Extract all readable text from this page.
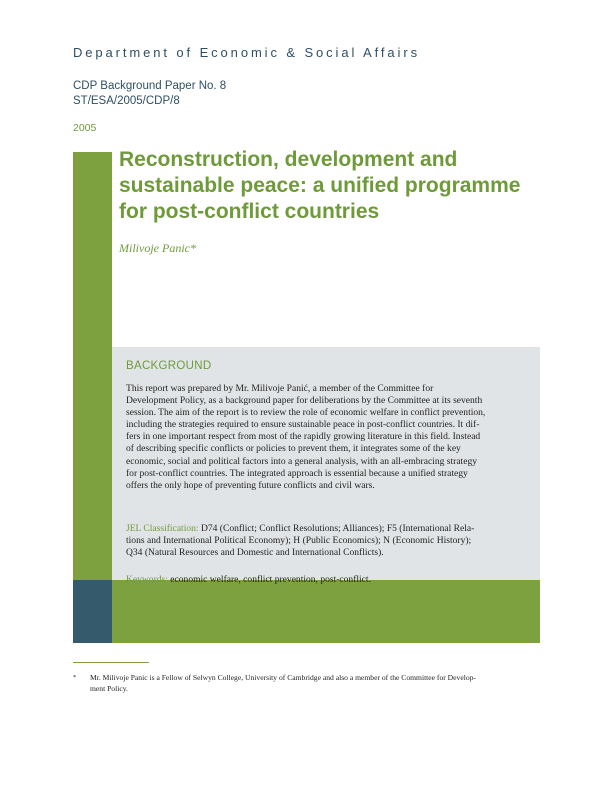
Department of Economic & Social Affairs
CDP Background Paper No. 8
ST/ESA/2005/CDP/8
2005
Reconstruction, development and
sustainable peace: a unified programme
for post-conflict countries
Milivoje Panic*
BACKGROUND
This report was prepared by Mr. Milivoje Panić, a member of the Committee for
Development Policy, as a background paper for deliberations by the Committee at its seventh
session. The aim of the report is to review the role of economic welfare in conflict prevention,
including the strategies required to ensure sustainable peace in post-conflict countries. It dif-
fers in one important respect from most of the rapidly growing literature in this field. Instead
of describing specific conflicts or policies to prevent them, it integrates some of the key
economic, social and political factors into a general analysis, with an all-embracing strategy
for post-conflict countries. The integrated approach is essential because a unified strategy
offers the only hope of preventing future conflicts and civil wars.
JEL Classification: D74 (Conflict; Conflict Resolutions; Alliances); F5 (International Rela-
tions and International Political Economy); H (Public Economics); N (Economic History);
Q34 (Natural Resources and Domestic and International Conflicts).
Keywords: economic welfare, conflict prevention, post-conflict.
* Mr. Milivoje Panic is a Fellow of Selwyn College, University of Cambridge and also a member of the Committee for Develop-
ment Policy.
